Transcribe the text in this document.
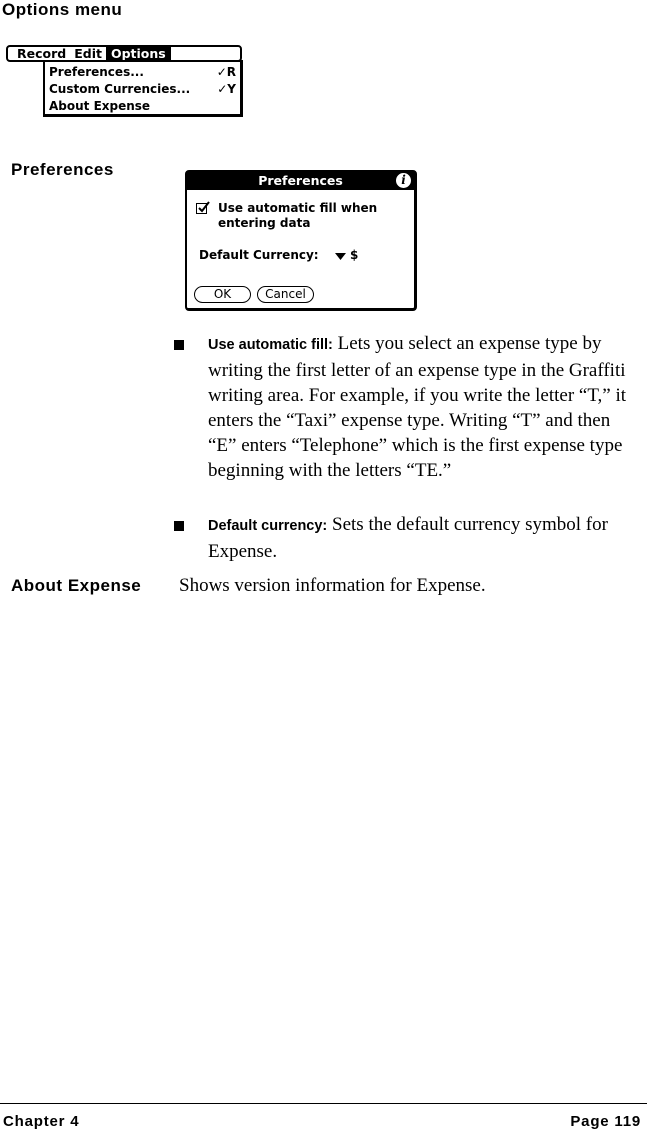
Options menu
Record Edit Options
Preferences...	✓R
Custom Currencies... ✓Y
About Expense
Preferences
Preferences	i
Use automatic fill when entering data
Default Currency:	$
OK	Cancel
Use automatic fill: Lets you select an expense type by writing the first letter of an expense type in the Graffiti writing area. For example, if you write the letter “T,” it enters the “Taxi” expense type. Writing “T” and then “E” enters “Telephone” which is the first expense type beginning with the letters “TE.”
Default currency: Sets the default currency symbol for Expense.
About Expense Shows version information for Expense.
Chapter 4	Page 119
